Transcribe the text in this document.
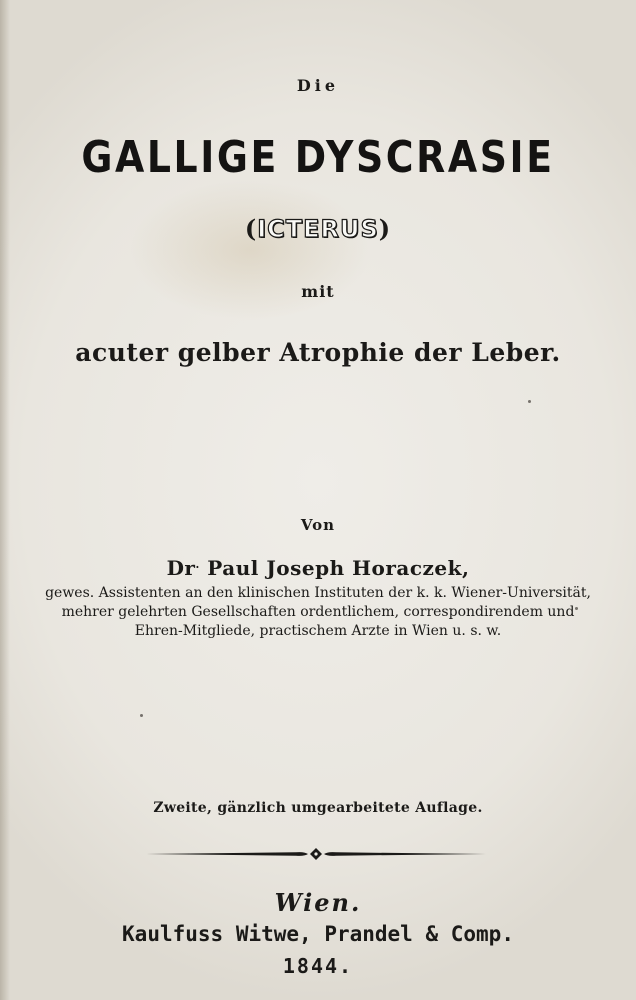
Die
GALLIGE DYSCRASIE
(ICTERUS)
mit
acuter gelber Atrophie der Leber.
Von
Dr. Paul Joseph Horaczek,
gewes. Assistenten an den klinischen Instituten der k. k. Wiener-Universität,
mehrer gelehrten Gesellschaften ordentlichem, correspondirendem und
Ehren-Mitgliede, practischem Arzte in Wien u. s. w.
Zweite, gänzlich umgearbeitete Auflage.
Wien.
Kaulfuss Witwe, Prandel & Comp.
1844.
